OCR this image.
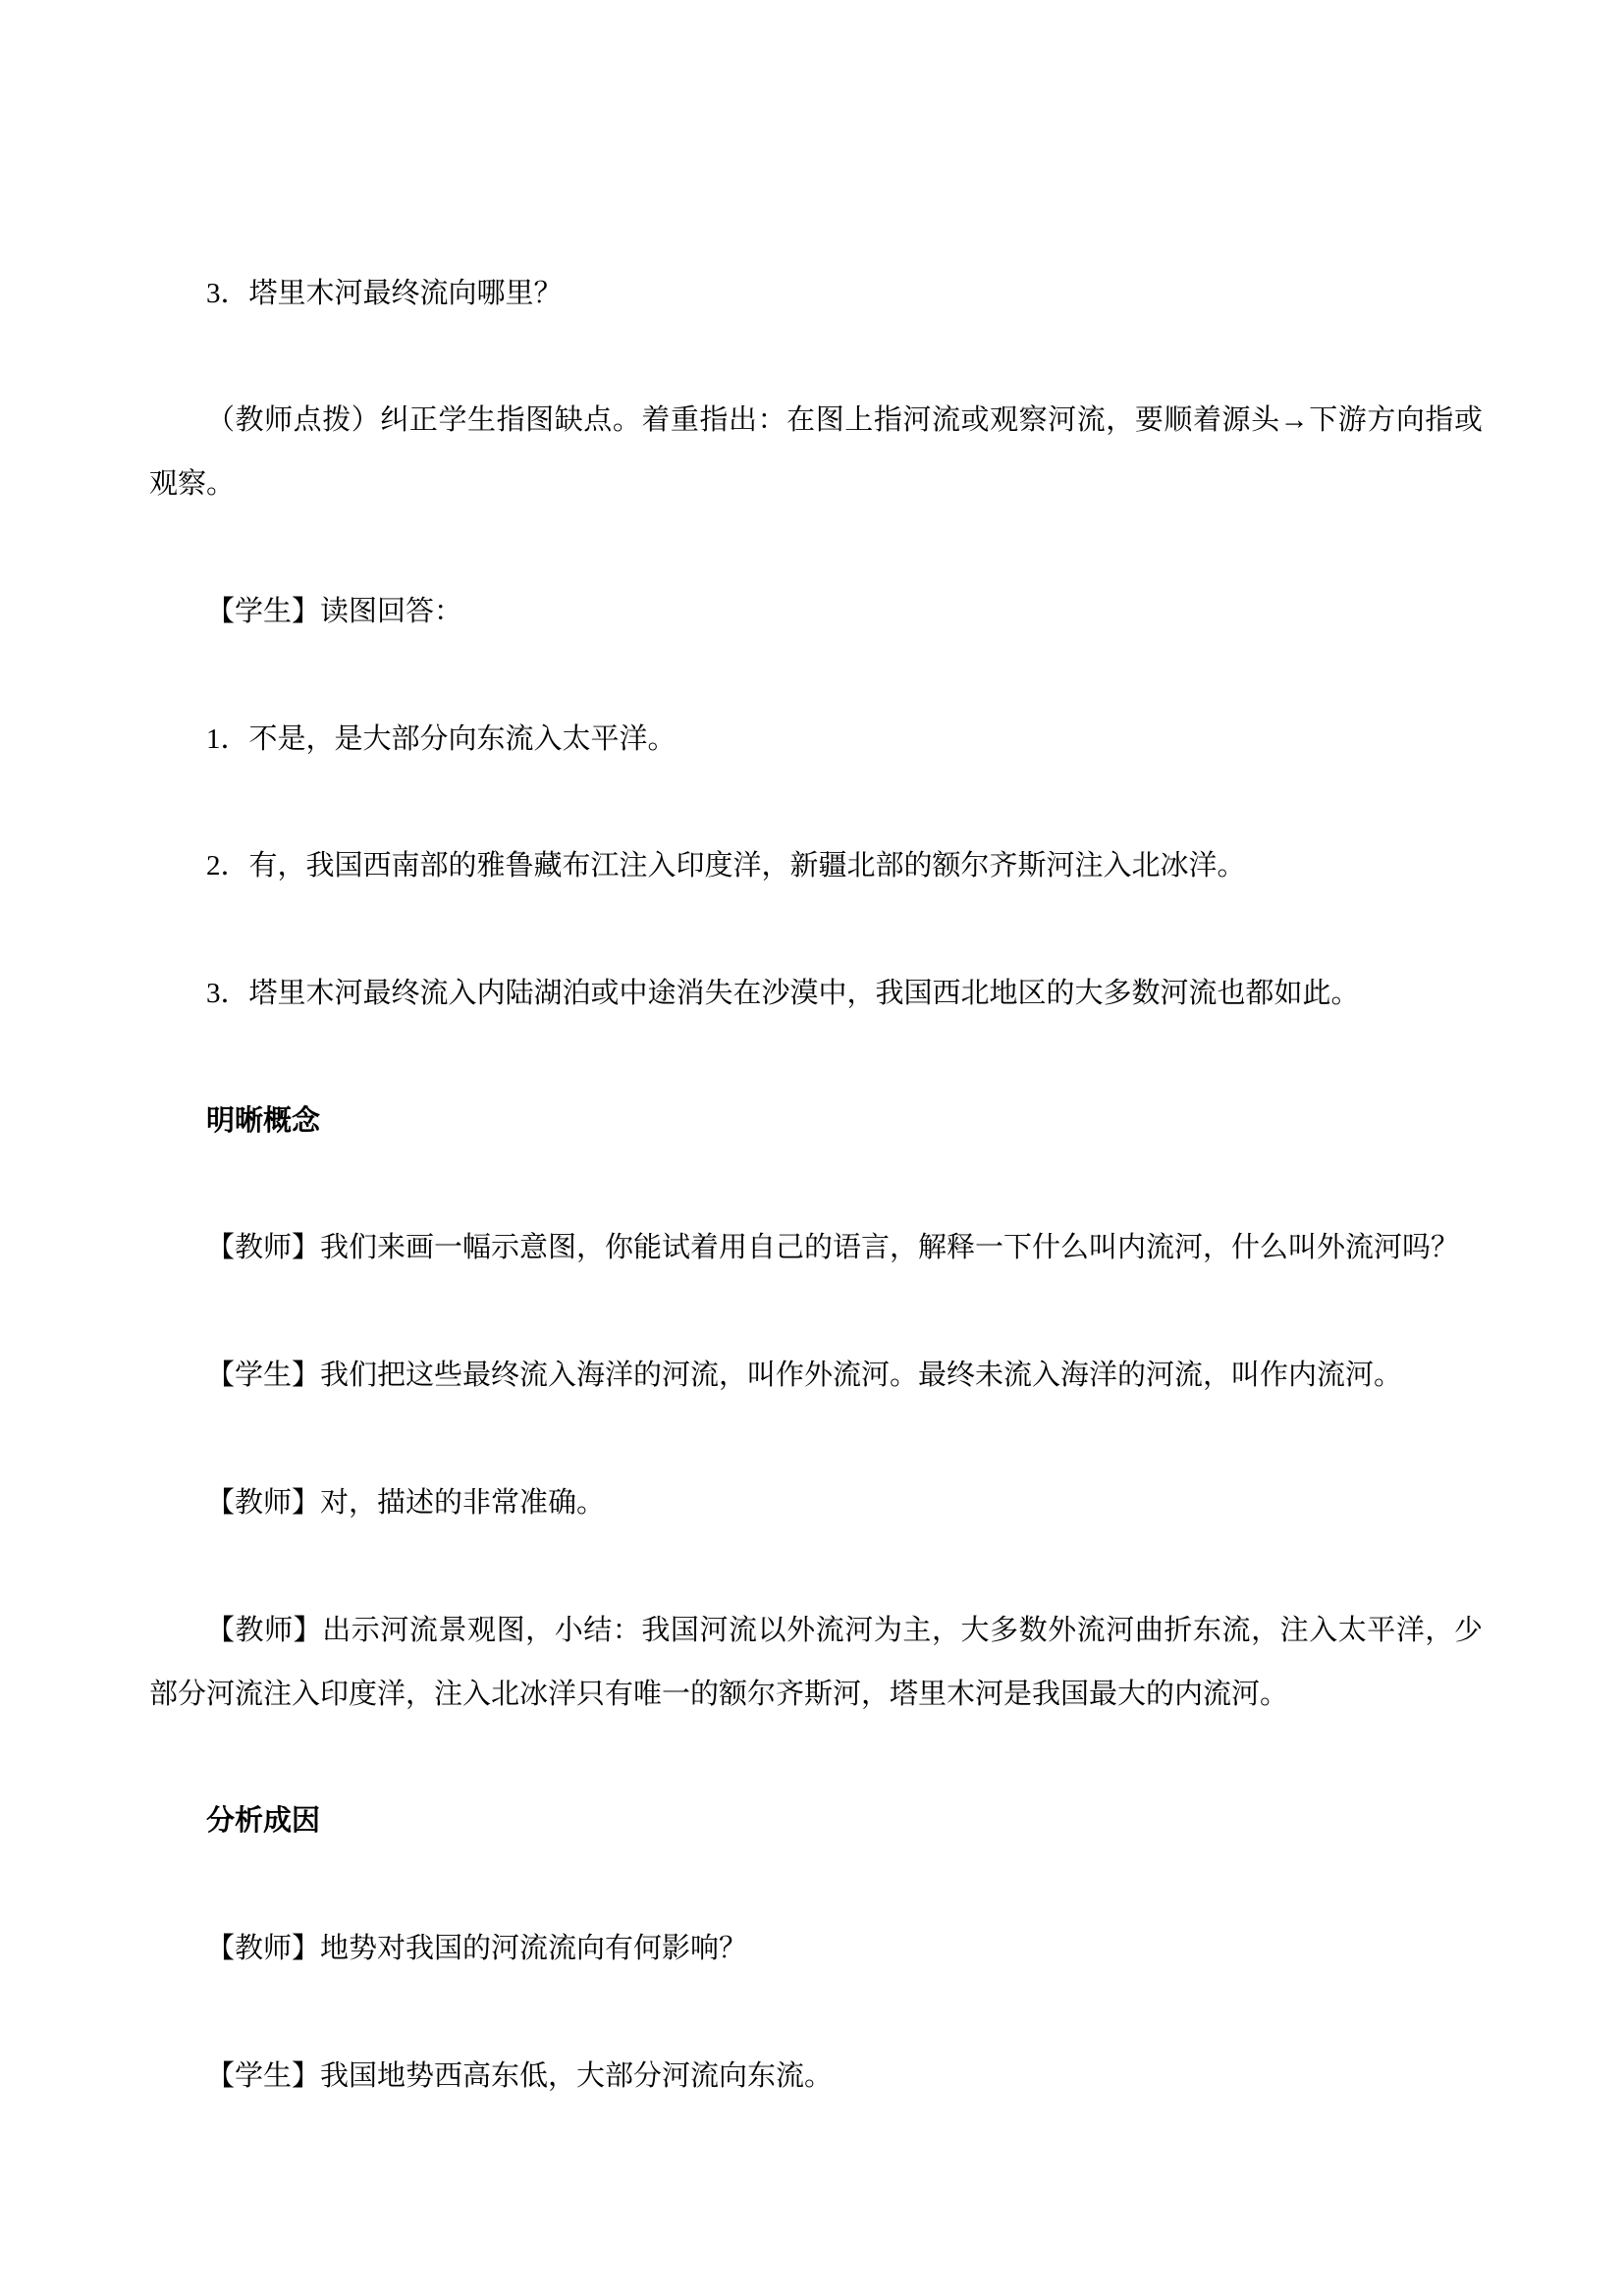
3．塔里木河最终流向哪里？

（教师点拨）纠正学生指图缺点。着重指出：在图上指河流或观察河流，要顺着源头→下游方向指或观察。

【学生】读图回答：

1．不是，是大部分向东流入太平洋。

2．有，我国西南部的雅鲁藏布江注入印度洋，新疆北部的额尔齐斯河注入北冰洋。

3．塔里木河最终流入内陆湖泊或中途消失在沙漠中，我国西北地区的大多数河流也都如此。

明晰概念

【教师】我们来画一幅示意图，你能试着用自己的语言，解释一下什么叫内流河，什么叫外流河吗？

【学生】我们把这些最终流入海洋的河流，叫作外流河。最终未流入海洋的河流，叫作内流河。

【教师】对，描述的非常准确。

【教师】出示河流景观图，小结：我国河流以外流河为主，大多数外流河曲折东流，注入太平洋，少部分河流注入印度洋，注入北冰洋只有唯一的额尔齐斯河，塔里木河是我国最大的内流河。

分析成因

【教师】地势对我国的河流流向有何影响？

【学生】我国地势西高东低，大部分河流向东流。
